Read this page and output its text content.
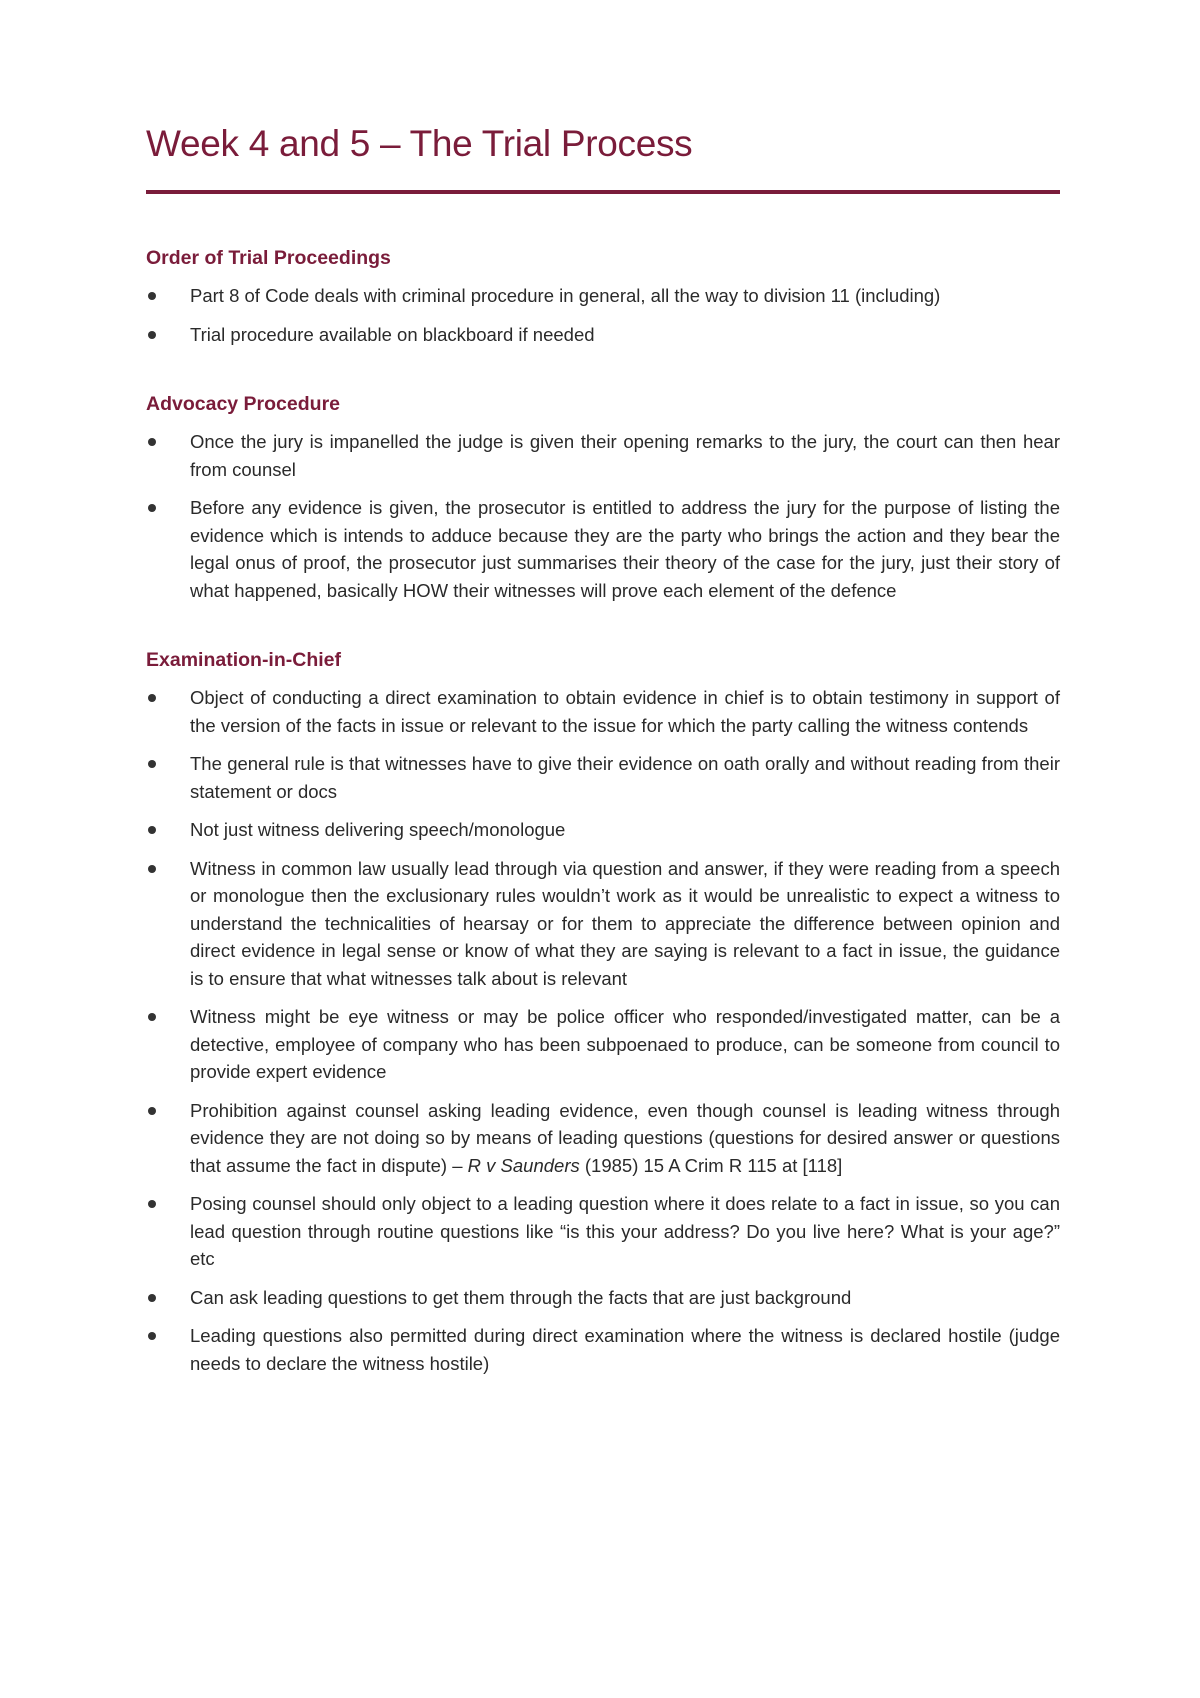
Week 4 and 5 – The Trial Process
Order of Trial Proceedings
Part 8 of Code deals with criminal procedure in general, all the way to division 11 (including)
Trial procedure available on blackboard if needed
Advocacy Procedure
Once the jury is impanelled the judge is given their opening remarks to the jury, the court can then hear from counsel
Before any evidence is given, the prosecutor is entitled to address the jury for the purpose of listing the evidence which is intends to adduce because they are the party who brings the action and they bear the legal onus of proof, the prosecutor just summarises their theory of the case for the jury, just their story of what happened, basically HOW their witnesses will prove each element of the defence
Examination-in-Chief
Object of conducting a direct examination to obtain evidence in chief is to obtain testimony in support of the version of the facts in issue or relevant to the issue for which the party calling the witness contends
The general rule is that witnesses have to give their evidence on oath orally and without reading from their statement or docs
Not just witness delivering speech/monologue
Witness in common law usually lead through via question and answer, if they were reading from a speech or monologue then the exclusionary rules wouldn’t work as it would be unrealistic to expect a witness to understand the technicalities of hearsay or for them to appreciate the difference between opinion and direct evidence in legal sense or know of what they are saying is relevant to a fact in issue, the guidance is to ensure that what witnesses talk about is relevant
Witness might be eye witness or may be police officer who responded/investigated matter, can be a detective, employee of company who has been subpoenaed to produce, can be someone from council to provide expert evidence
Prohibition against counsel asking leading evidence, even though counsel is leading witness through evidence they are not doing so by means of leading questions (questions for desired answer or questions that assume the fact in dispute) – R v Saunders (1985) 15 A Crim R 115 at [118]
Posing counsel should only object to a leading question where it does relate to a fact in issue, so you can lead question through routine questions like “is this your address? Do you live here? What is your age?” etc
Can ask leading questions to get them through the facts that are just background
Leading questions also permitted during direct examination where the witness is declared hostile (judge needs to declare the witness hostile)
